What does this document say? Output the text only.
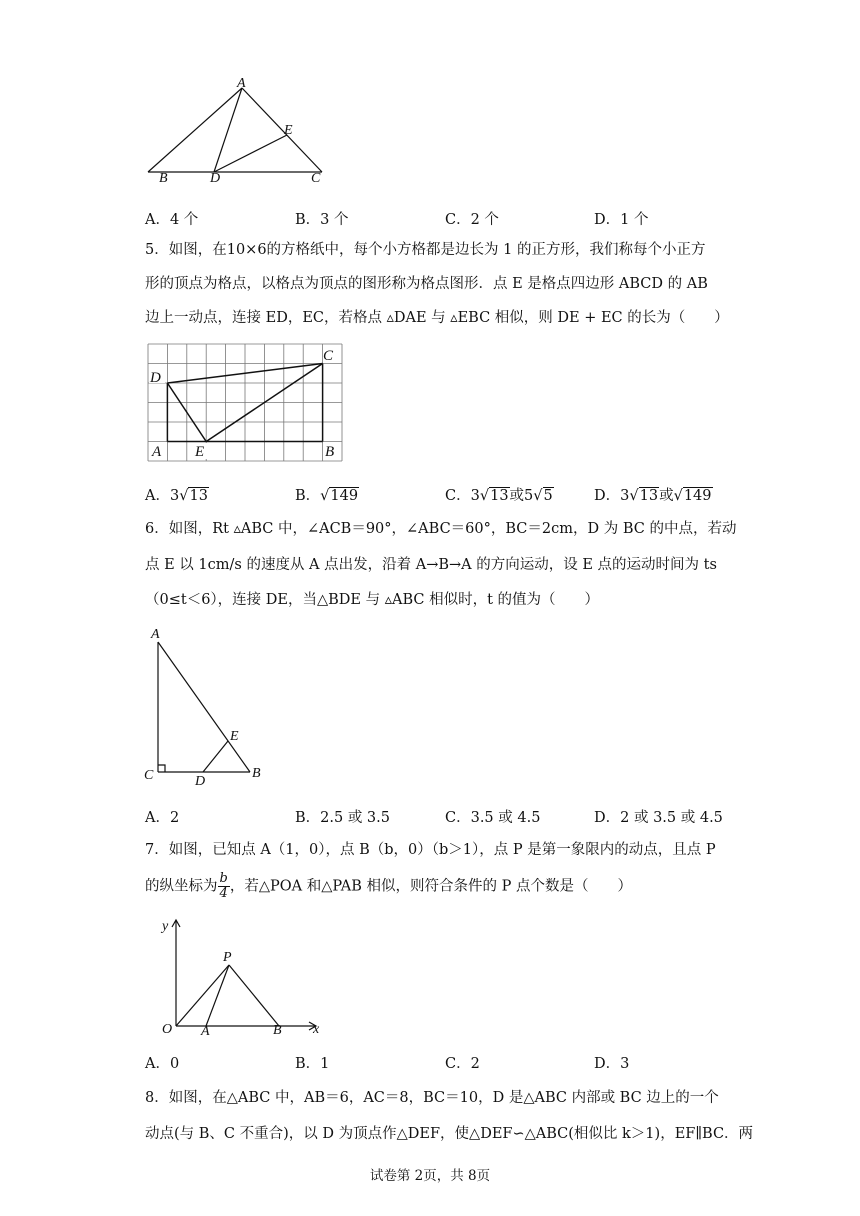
A
E
B	D	C
A．4 个	B．3 个	C．2 个	D．1 个
5．如图，在10×6的方格纸中，每个小方格都是边长为 1 的正方形，我们称每个小正方
形的顶点为格点，以格点为顶点的图形称为格点图形．点 E 是格点四边形 ABCD 的 AB
边上一动点，连接 ED，EC，若格点 ▵DAE 与 ▵EBC 相似，则 DE + EC 的长为（　　）
D
C
A E	B
A．3√13	B．√149	C．3√13或5√5	D．3√13或√149
6．如图，Rt ▵ABC 中，∠ACB＝90°，∠ABC＝60°，BC＝2cm，D 为 BC 的中点，若动
点 E 以 1cm/s 的速度从 A 点出发，沿着 A→B→A 的方向运动，设 E 点的运动时间为 ts
（0≤t＜6），连接 DE，当△BDE 与 ▵ABC 相似时，t 的值为（　　）
A
E
C	D
B
A．2	B．2.5 或 3.5	C．3.5 或 4.5	D．2 或 3.5 或 4.5
7．如图，已知点 A（1，0），点 B（b，0）（b＞1），点 P 是第一象限内的动点，且点 P
的纵坐标为 $\frac{b}{4}$ ，若△POA 和△PAB 相似，则符合条件的 P 点个数是（　　）
y
P
O A	B x
A．0	B．1	C．2	D．3
8．如图，在△ABC 中，AB＝6，AC＝8，BC＝10，D 是△ABC 内部或 BC 边上的一个
动点(与 B、C 不重合)，以 D 为顶点作△DEF，使△DEF∽△ABC(相似比 k＞1)，EF∥BC．两
试卷第 2页，共 8页
